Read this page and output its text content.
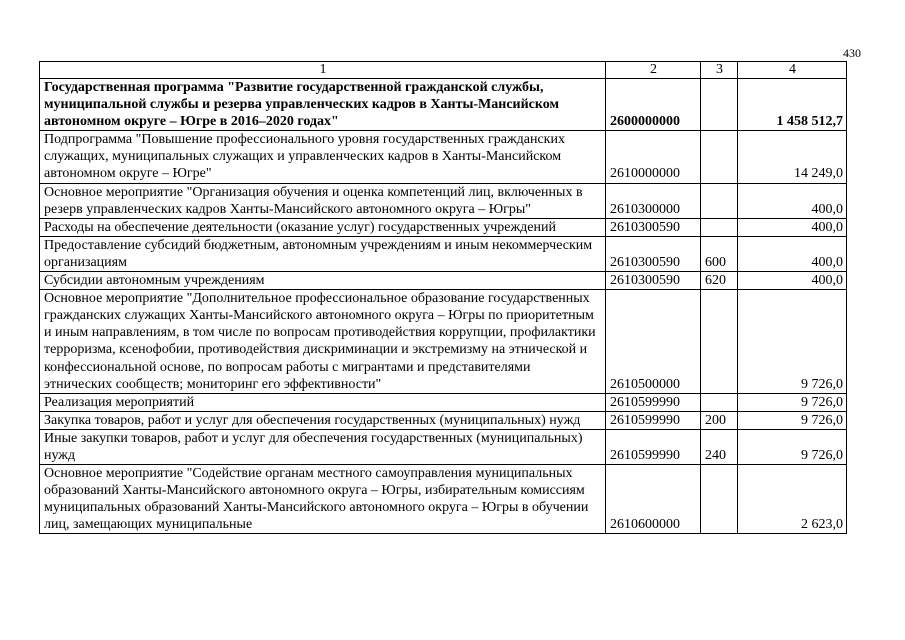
430
1	2	3	4
Государственная программа "Развитие государственной гражданской службы, муниципальной службы и резерва управленческих кадров в Ханты-Мансийском автономном округе – Югре в 2016–2020 годах"	2600000000		1 458 512,7
Подпрограмма "Повышение профессионального уровня государственных гражданских служащих, муниципальных служащих и управленческих кадров в Ханты-Мансийском автономном округе – Югре"	2610000000		14 249,0
Основное мероприятие "Организация обучения и оценка компетенций лиц, включенных в резерв управленческих кадров Ханты-Мансийского автономного округа – Югры"	2610300000		400,0
Расходы на обеспечение деятельности (оказание услуг) государственных учреждений	2610300590		400,0
Предоставление субсидий бюджетным, автономным учреждениям и иным некоммерческим организациям	2610300590	600	400,0
Субсидии автономным учреждениям	2610300590	620	400,0
Основное мероприятие "Дополнительное профессиональное образование государственных гражданских служащих Ханты-Мансийского автономного округа – Югры по приоритетным и иным направлениям, в том числе по вопросам противодействия коррупции, профилактики терроризма, ксенофобии, противодействия дискриминации и экстремизму на этнической и конфессиональной основе, по вопросам работы с мигрантами и представителями этнических сообществ; мониторинг его эффективности"	2610500000		9 726,0
Реализация мероприятий	2610599990		9 726,0
Закупка товаров, работ и услуг для обеспечения государственных (муниципальных) нужд	2610599990	200	9 726,0
Иные закупки товаров, работ и услуг для обеспечения государственных (муниципальных) нужд	2610599990	240	9 726,0
Основное мероприятие "Содействие органам местного самоуправления муниципальных образований Ханты-Мансийского автономного округа – Югры, избирательным комиссиям муниципальных образований Ханты-Мансийского автономного округа – Югры в обучении лиц, замещающих муниципальные	2610600000		2 623,0
